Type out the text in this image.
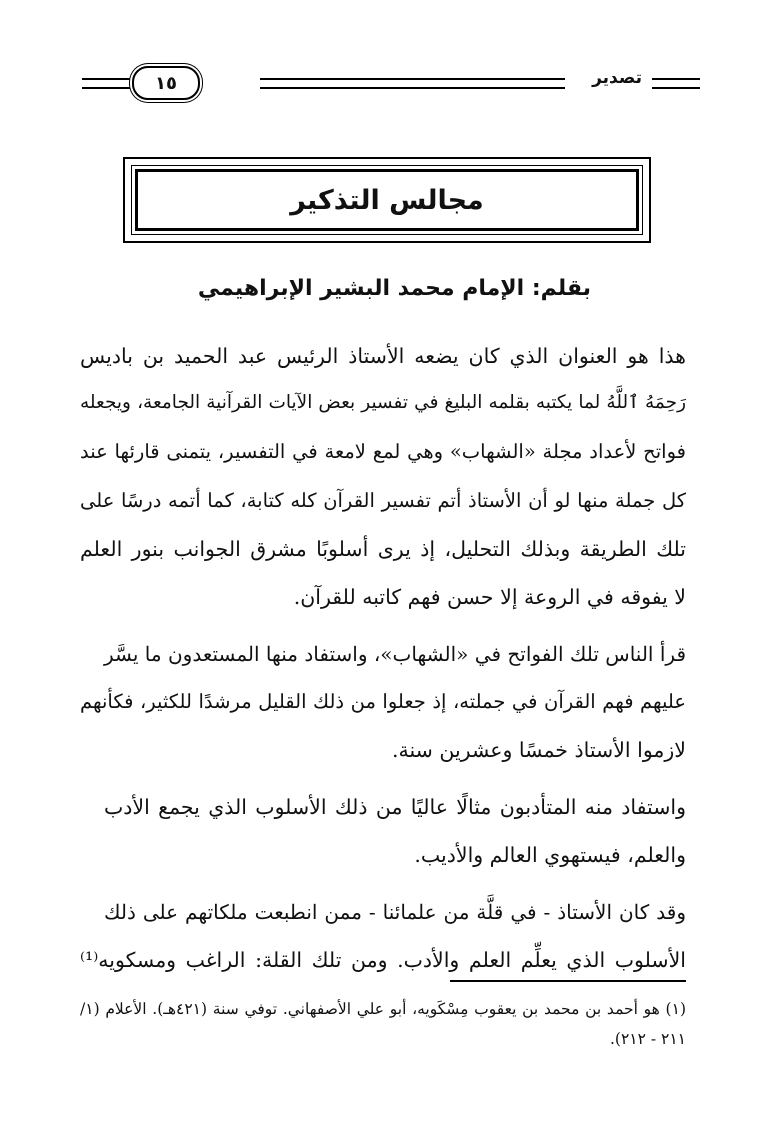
تصدير
١٥
مجالس التذكير
بقلم: الإمام محمد البشير الإبراهيمي
هذا هو العنوان الذي كان يضعه الأستاذ الرئيس عبد الحميد بن باديس
رَحِمَهُ ٱللَّهُ لما يكتبه بقلمه البليغ في تفسير بعض الآيات القرآنية الجامعة، ويجعله
فواتح لأعداد مجلة «الشهاب» وهي لمع لامعة في التفسير، يتمنى قارئها عند
كل جملة منها لو أن الأستاذ أتم تفسير القرآن كله كتابة، كما أتمه درسًا على
تلك الطريقة وبذلك التحليل، إذ يرى أسلوبًا مشرق الجوانب بنور العلم
لا يفوقه في الروعة إلا حسن فهم كاتبه للقرآن.
قرأ الناس تلك الفواتح في «الشهاب»، واستفاد منها المستعدون ما يسَّر
عليهم فهم القرآن في جملته، إذ جعلوا من ذلك القليل مرشدًا للكثير، فكأنهم
لازموا الأستاذ خمسًا وعشرين سنة.
واستفاد منه المتأدبون مثالًا عاليًا من ذلك الأسلوب الذي يجمع الأدب
والعلم، فيستهوي العالم والأديب.
وقد كان الأستاذ - في قلَّة من علمائنا - ممن انطبعت ملكاتهم على ذلك
الأسلوب الذي يعلِّم العلم والأدب. ومن تلك القلة: الراغب ومسكويه⁽¹⁾
(١) هو أحمد بن محمد بن يعقوب مِسْكَويه، أبو علي الأصفهاني. توفي سنة (٤٢١هـ). الأعلام (١/
٢١١ - ٢١٢).
